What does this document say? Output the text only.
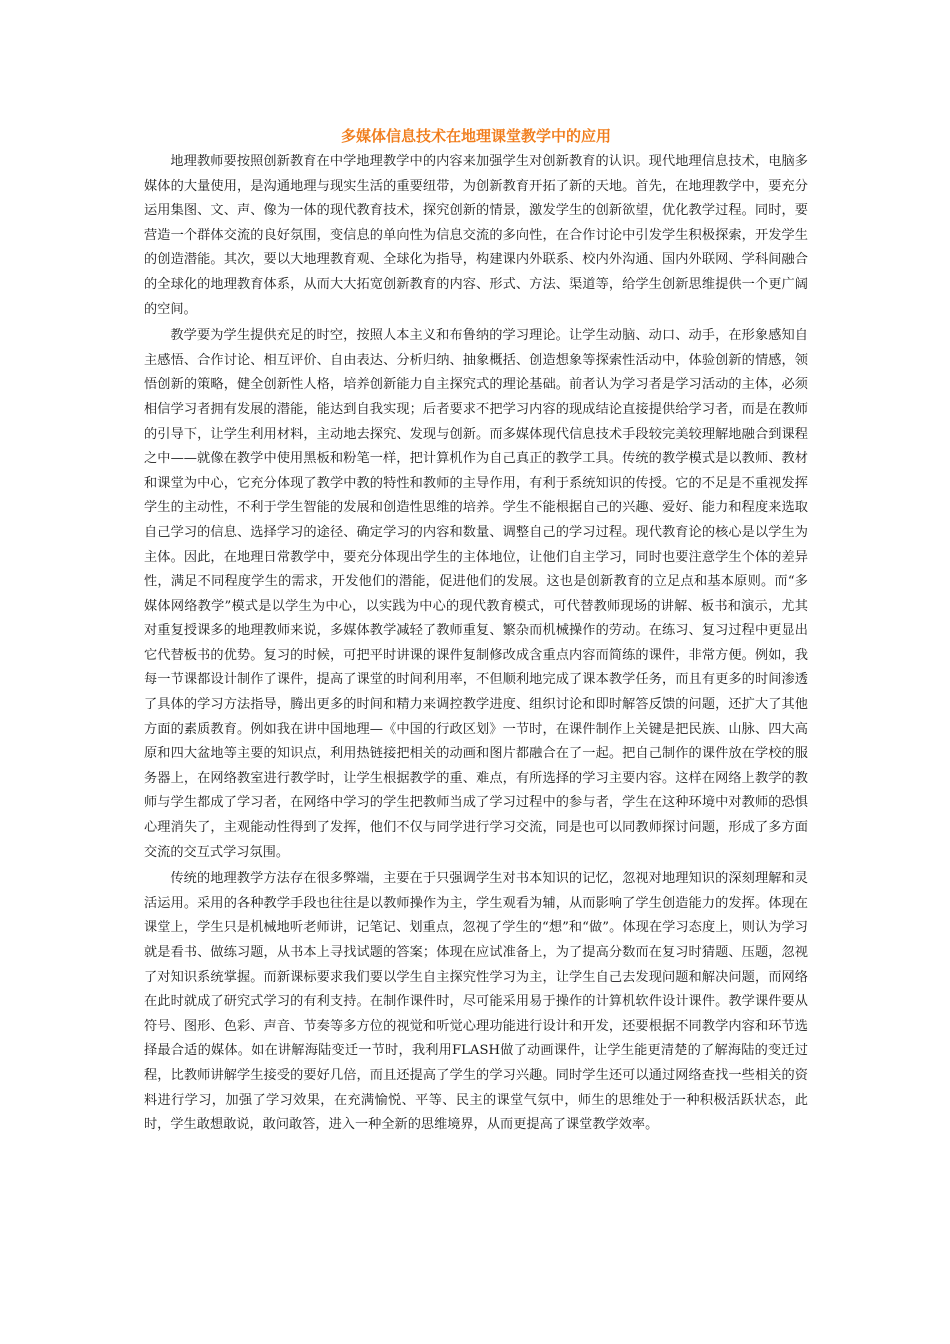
多媒体信息技术在地理课堂教学中的应用

地理教师要按照创新教育在中学地理教学中的内容来加强学生对创新教育的认识。现代地理信息技术，电脑多媒体的大量使用，是沟通地理与现实生活的重要纽带，为创新教育开拓了新的天地。首先，在地理教学中，要充分运用集图、文、声、像为一体的现代教育技术，探究创新的情景，激发学生的创新欲望，优化教学过程。同时，要营造一个群体交流的良好氛围，变信息的单向性为信息交流的多向性，在合作讨论中引发学生积极探索，开发学生的创造潜能。其次，要以大地理教育观、全球化为指导，构建课内外联系、校内外沟通、国内外联网、学科间融合的全球化的地理教育体系，从而大大拓宽创新教育的内容、形式、方法、渠道等，给学生创新思维提供一个更广阔的空间。

教学要为学生提供充足的时空，按照人本主义和布鲁纳的学习理论。让学生动脑、动口、动手，在形象感知自主感悟、合作讨论、相互评价、自由表达、分析归纳、抽象概括、创造想象等探索性活动中，体验创新的情感，领悟创新的策略，健全创新性人格，培养创新能力自主探究式的理论基础。前者认为学习者是学习活动的主体，必须相信学习者拥有发展的潜能，能达到自我实现；后者要求不把学习内容的现成结论直接提供给学习者，而是在教师的引导下，让学生利用材料，主动地去探究、发现与创新。而多媒体现代信息技术手段较完美较理解地融合到课程之中——就像在教学中使用黑板和粉笔一样，把计算机作为自己真正的教学工具。传统的教学模式是以教师、教材和课堂为中心，它充分体现了教学中教的特性和教师的主导作用，有利于系统知识的传授。它的不足是不重视发挥学生的主动性，不利于学生智能的发展和创造性思维的培养。学生不能根据自己的兴趣、爱好、能力和程度来选取自己学习的信息、选择学习的途径、确定学习的内容和数量、调整自己的学习过程。现代教育论的核心是以学生为主体。因此，在地理日常教学中，要充分体现出学生的主体地位，让他们自主学习，同时也要注意学生个体的差异性，满足不同程度学生的需求，开发他们的潜能，促进他们的发展。这也是创新教育的立足点和基本原则。而“多媒体网络教学”模式是以学生为中心，以实践为中心的现代教育模式，可代替教师现场的讲解、板书和演示，尤其对重复授课多的地理教师来说，多媒体教学减轻了教师重复、繁杂而机械操作的劳动。在练习、复习过程中更显出它代替板书的优势。复习的时候，可把平时讲课的课件复制修改成含重点内容而简练的课件，非常方便。例如，我每一节课都设计制作了课件，提高了课堂的时间利用率，不但顺利地完成了课本教学任务，而且有更多的时间渗透了具体的学习方法指导，腾出更多的时间和精力来调控教学进度、组织讨论和即时解答反馈的问题，还扩大了其他方面的素质教育。例如我在讲中国地理—《中国的行政区划》一节时，在课件制作上关键是把民族、山脉、四大高原和四大盆地等主要的知识点，利用热链接把相关的动画和图片都融合在了一起。把自己制作的课件放在学校的服务器上，在网络教室进行教学时，让学生根据教学的重、难点，有所选择的学习主要内容。这样在网络上教学的教师与学生都成了学习者，在网络中学习的学生把教师当成了学习过程中的参与者，学生在这种环境中对教师的恐惧心理消失了，主观能动性得到了发挥，他们不仅与同学进行学习交流，同是也可以同教师探讨问题，形成了多方面交流的交互式学习氛围。

传统的地理教学方法存在很多弊端，主要在于只强调学生对书本知识的记忆，忽视对地理知识的深刻理解和灵活运用。采用的各种教学手段也往往是以教师操作为主，学生观看为辅，从而影响了学生创造能力的发挥。体现在课堂上，学生只是机械地听老师讲，记笔记、划重点，忽视了学生的“想”和“做”。体现在学习态度上，则认为学习就是看书、做练习题，从书本上寻找试题的答案；体现在应试准备上，为了提高分数而在复习时猜题、压题，忽视了对知识系统掌握。而新课标要求我们要以学生自主探究性学习为主，让学生自己去发现问题和解决问题，而网络在此时就成了研究式学习的有利支持。在制作课件时，尽可能采用易于操作的计算机软件设计课件。教学课件要从符号、图形、色彩、声音、节奏等多方位的视觉和听觉心理功能进行设计和开发，还要根据不同教学内容和环节选择最合适的媒体。如在讲解海陆变迁一节时，我利用FLASH做了动画课件，让学生能更清楚的了解海陆的变迁过程，比教师讲解学生接受的要好几倍，而且还提高了学生的学习兴趣。同时学生还可以通过网络查找一些相关的资料进行学习，加强了学习效果，在充满愉悦、平等、民主的课堂气氛中，师生的思维处于一种积极活跃状态，此时，学生敢想敢说，敢问敢答，进入一种全新的思维境界，从而更提高了课堂教学效率。
